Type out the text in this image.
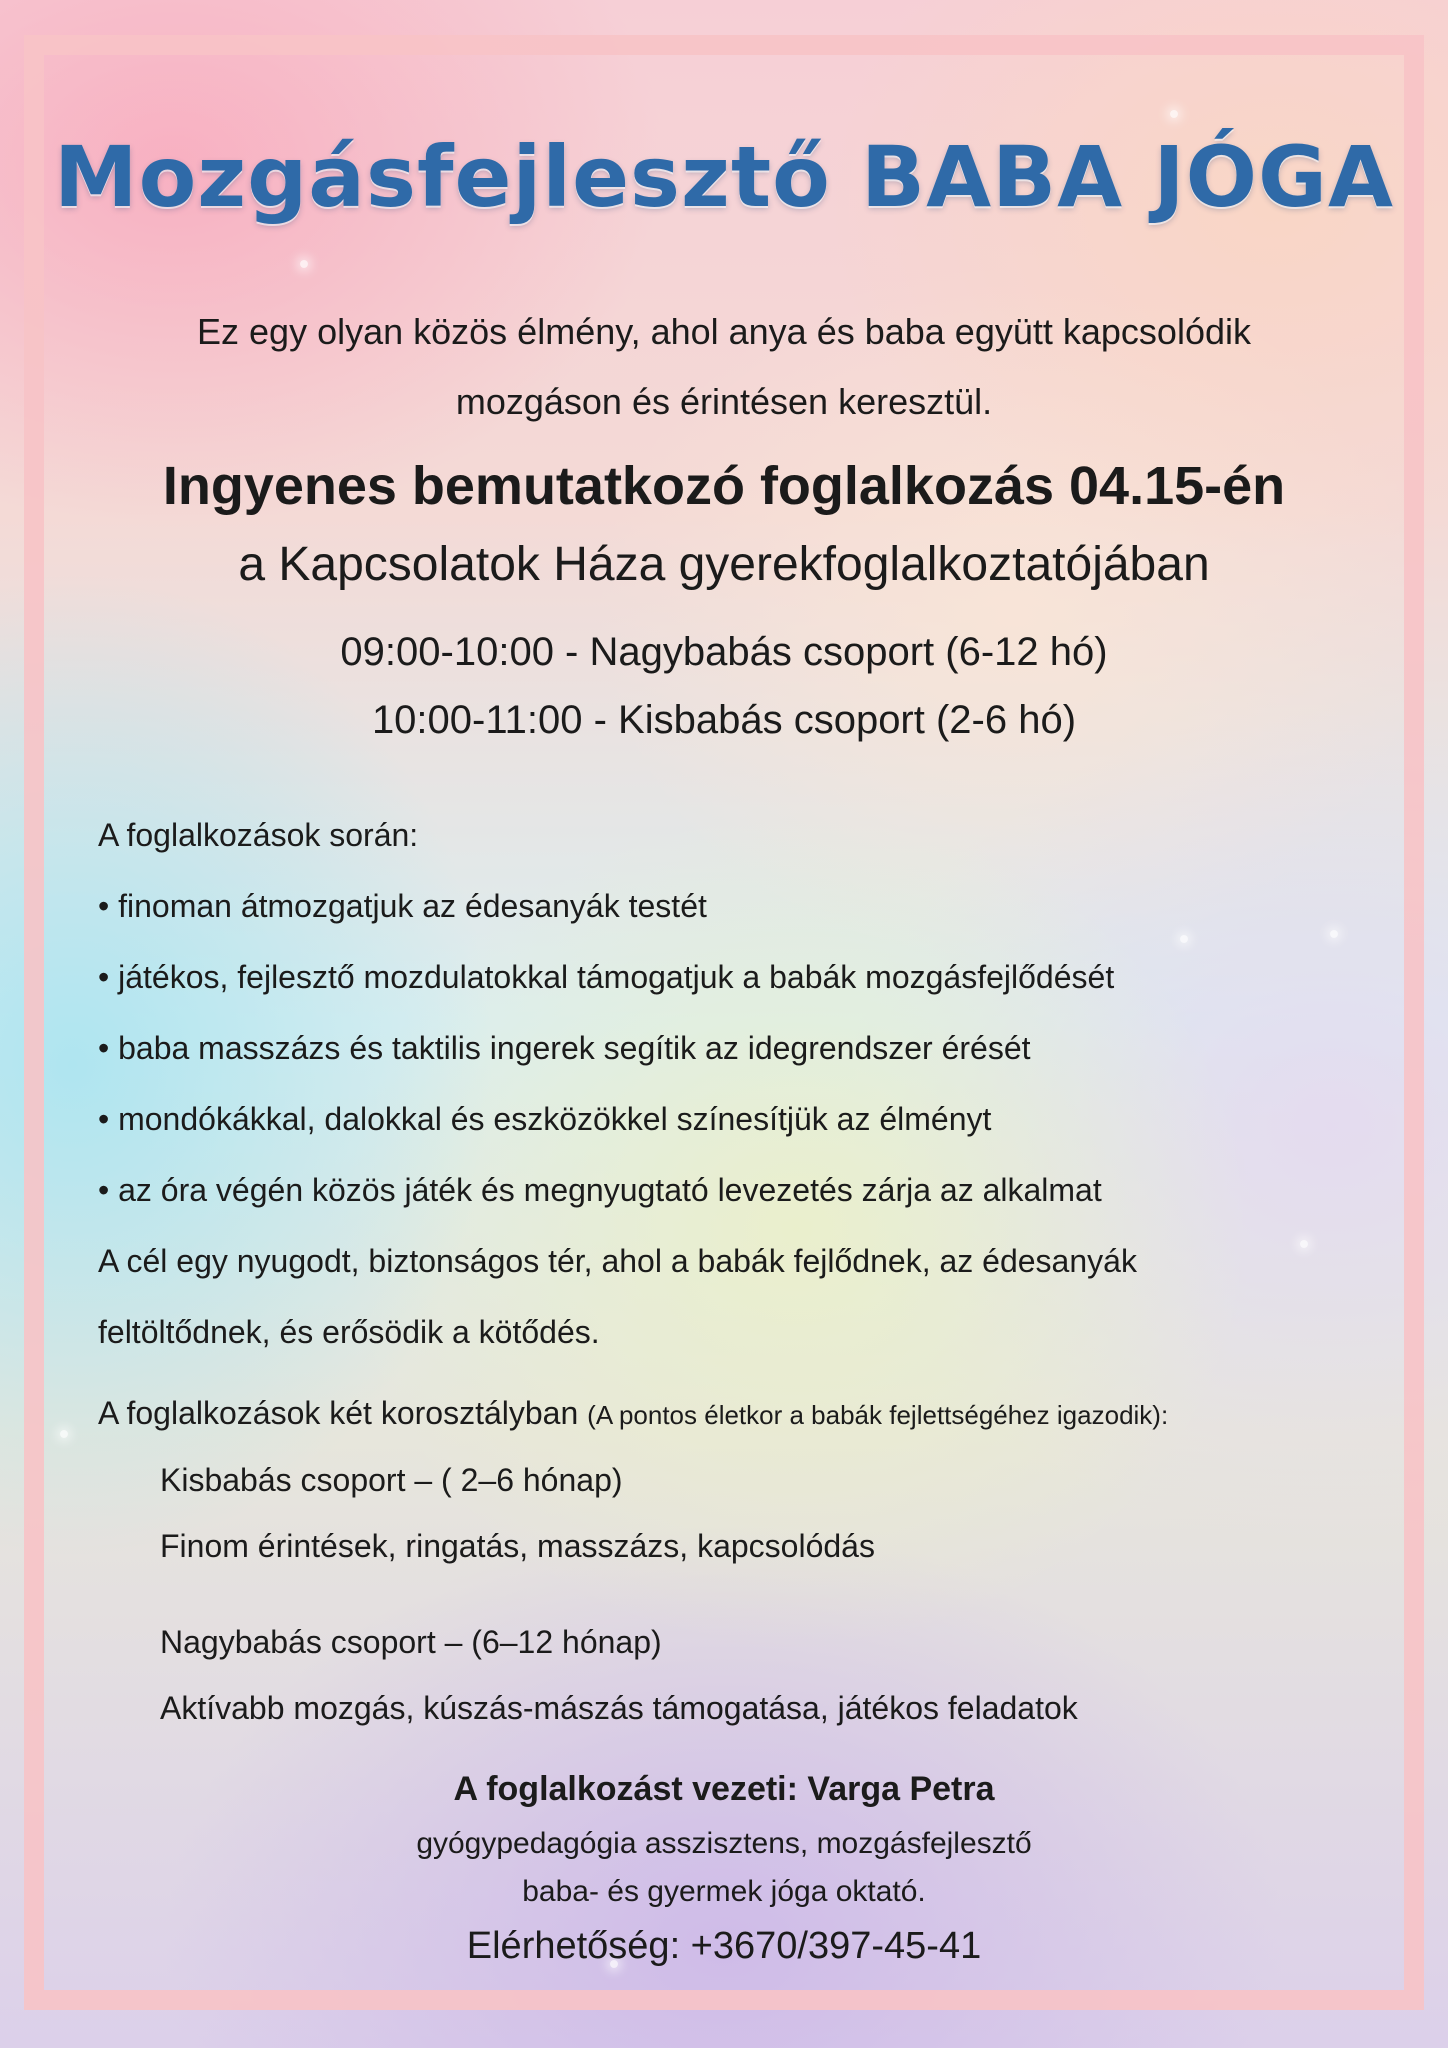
Mozgásfejlesztő BABA JÓGA
Ez egy olyan közös élmény, ahol anya és baba együtt kapcsolódik
mozgáson és érintésen keresztül.
Ingyenes bemutatkozó foglalkozás 04.15-én
a Kapcsolatok Háza gyerekfoglalkoztatójában
09:00-10:00 - Nagybabás csoport (6-12 hó)
10:00-11:00 - Kisbabás csoport (2-6 hó)
A foglalkozások során:
• finoman átmozgatjuk az édesanyák testét
• játékos, fejlesztő mozdulatokkal támogatjuk a babák mozgásfejlődését
• baba masszázs és taktilis ingerek segítik az idegrendszer érését
• mondókákkal, dalokkal és eszközökkel színesítjük az élményt
• az óra végén közös játék és megnyugtató levezetés zárja az alkalmat
A cél egy nyugodt, biztonságos tér, ahol a babák fejlődnek, az édesanyák
feltöltődnek, és erősödik a kötődés.
A foglalkozások két korosztályban (A pontos életkor a babák fejlettségéhez igazodik):
Kisbabás csoport – ( 2–6 hónap)
Finom érintések, ringatás, masszázs, kapcsolódás
Nagybabás csoport – (6–12 hónap)
Aktívabb mozgás, kúszás-mászás támogatása, játékos feladatok
A foglalkozást vezeti: Varga Petra
gyógypedagógia asszisztens, mozgásfejlesztő
baba- és gyermek jóga oktató.
Elérhetőség: +3670/397-45-41
